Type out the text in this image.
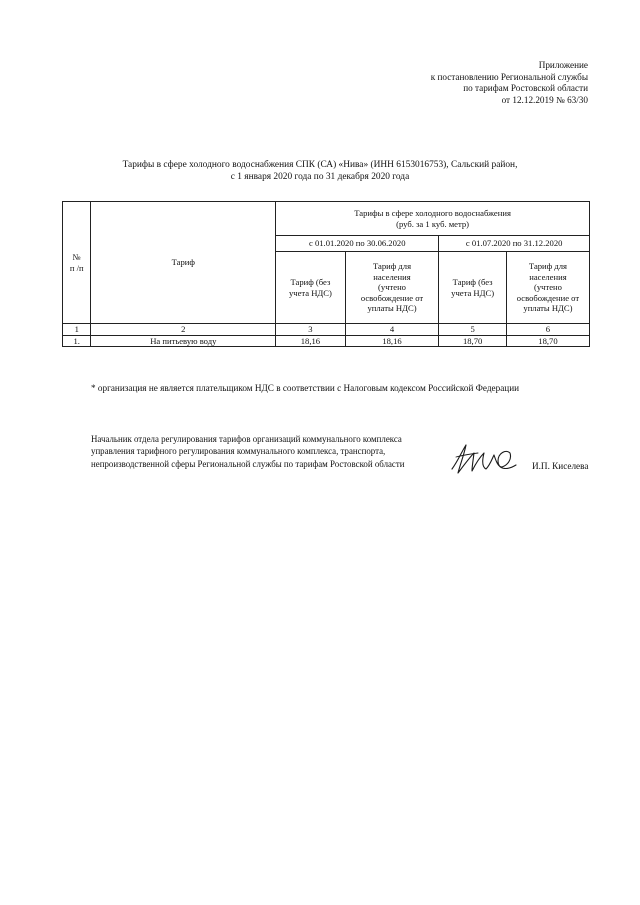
Приложение
к постановлению Региональной службы
по тарифам Ростовской области
от 12.12.2019 № 63/30
Тарифы в сфере холодного водоснабжения СПК (СА) «Нива» (ИНН 6153016753), Сальский район,
с 1 января 2020 года по 31 декабря 2020 года
№
п /п	Тариф	Тарифы в сфере холодного водоснабжения
(руб. за 1 куб. метр)			
		с 01.01.2020 по 30.06.2020		с 01.07.2020 по 31.12.2020	
		Тариф (без
учета НДС)	Тариф для
населения
(учтено
освобождение от
уплаты НДС)	Тариф (без
учета НДС)	Тариф для
населения
(учтено
освобождение от
уплаты НДС)
1	2	3	4	5	6
1.	На питьевую воду	18,16	18,16	18,70	18,70
* организация не является плательщиком НДС в соответствии с Налоговым кодексом Российской Федерации
Начальник отдела регулирования тарифов организаций коммунального комплекса
управления тарифного регулирования коммунального комплекса, транспорта,
непроизводственной сферы Региональной службы по тарифам Ростовской области	И.П. Киселева
